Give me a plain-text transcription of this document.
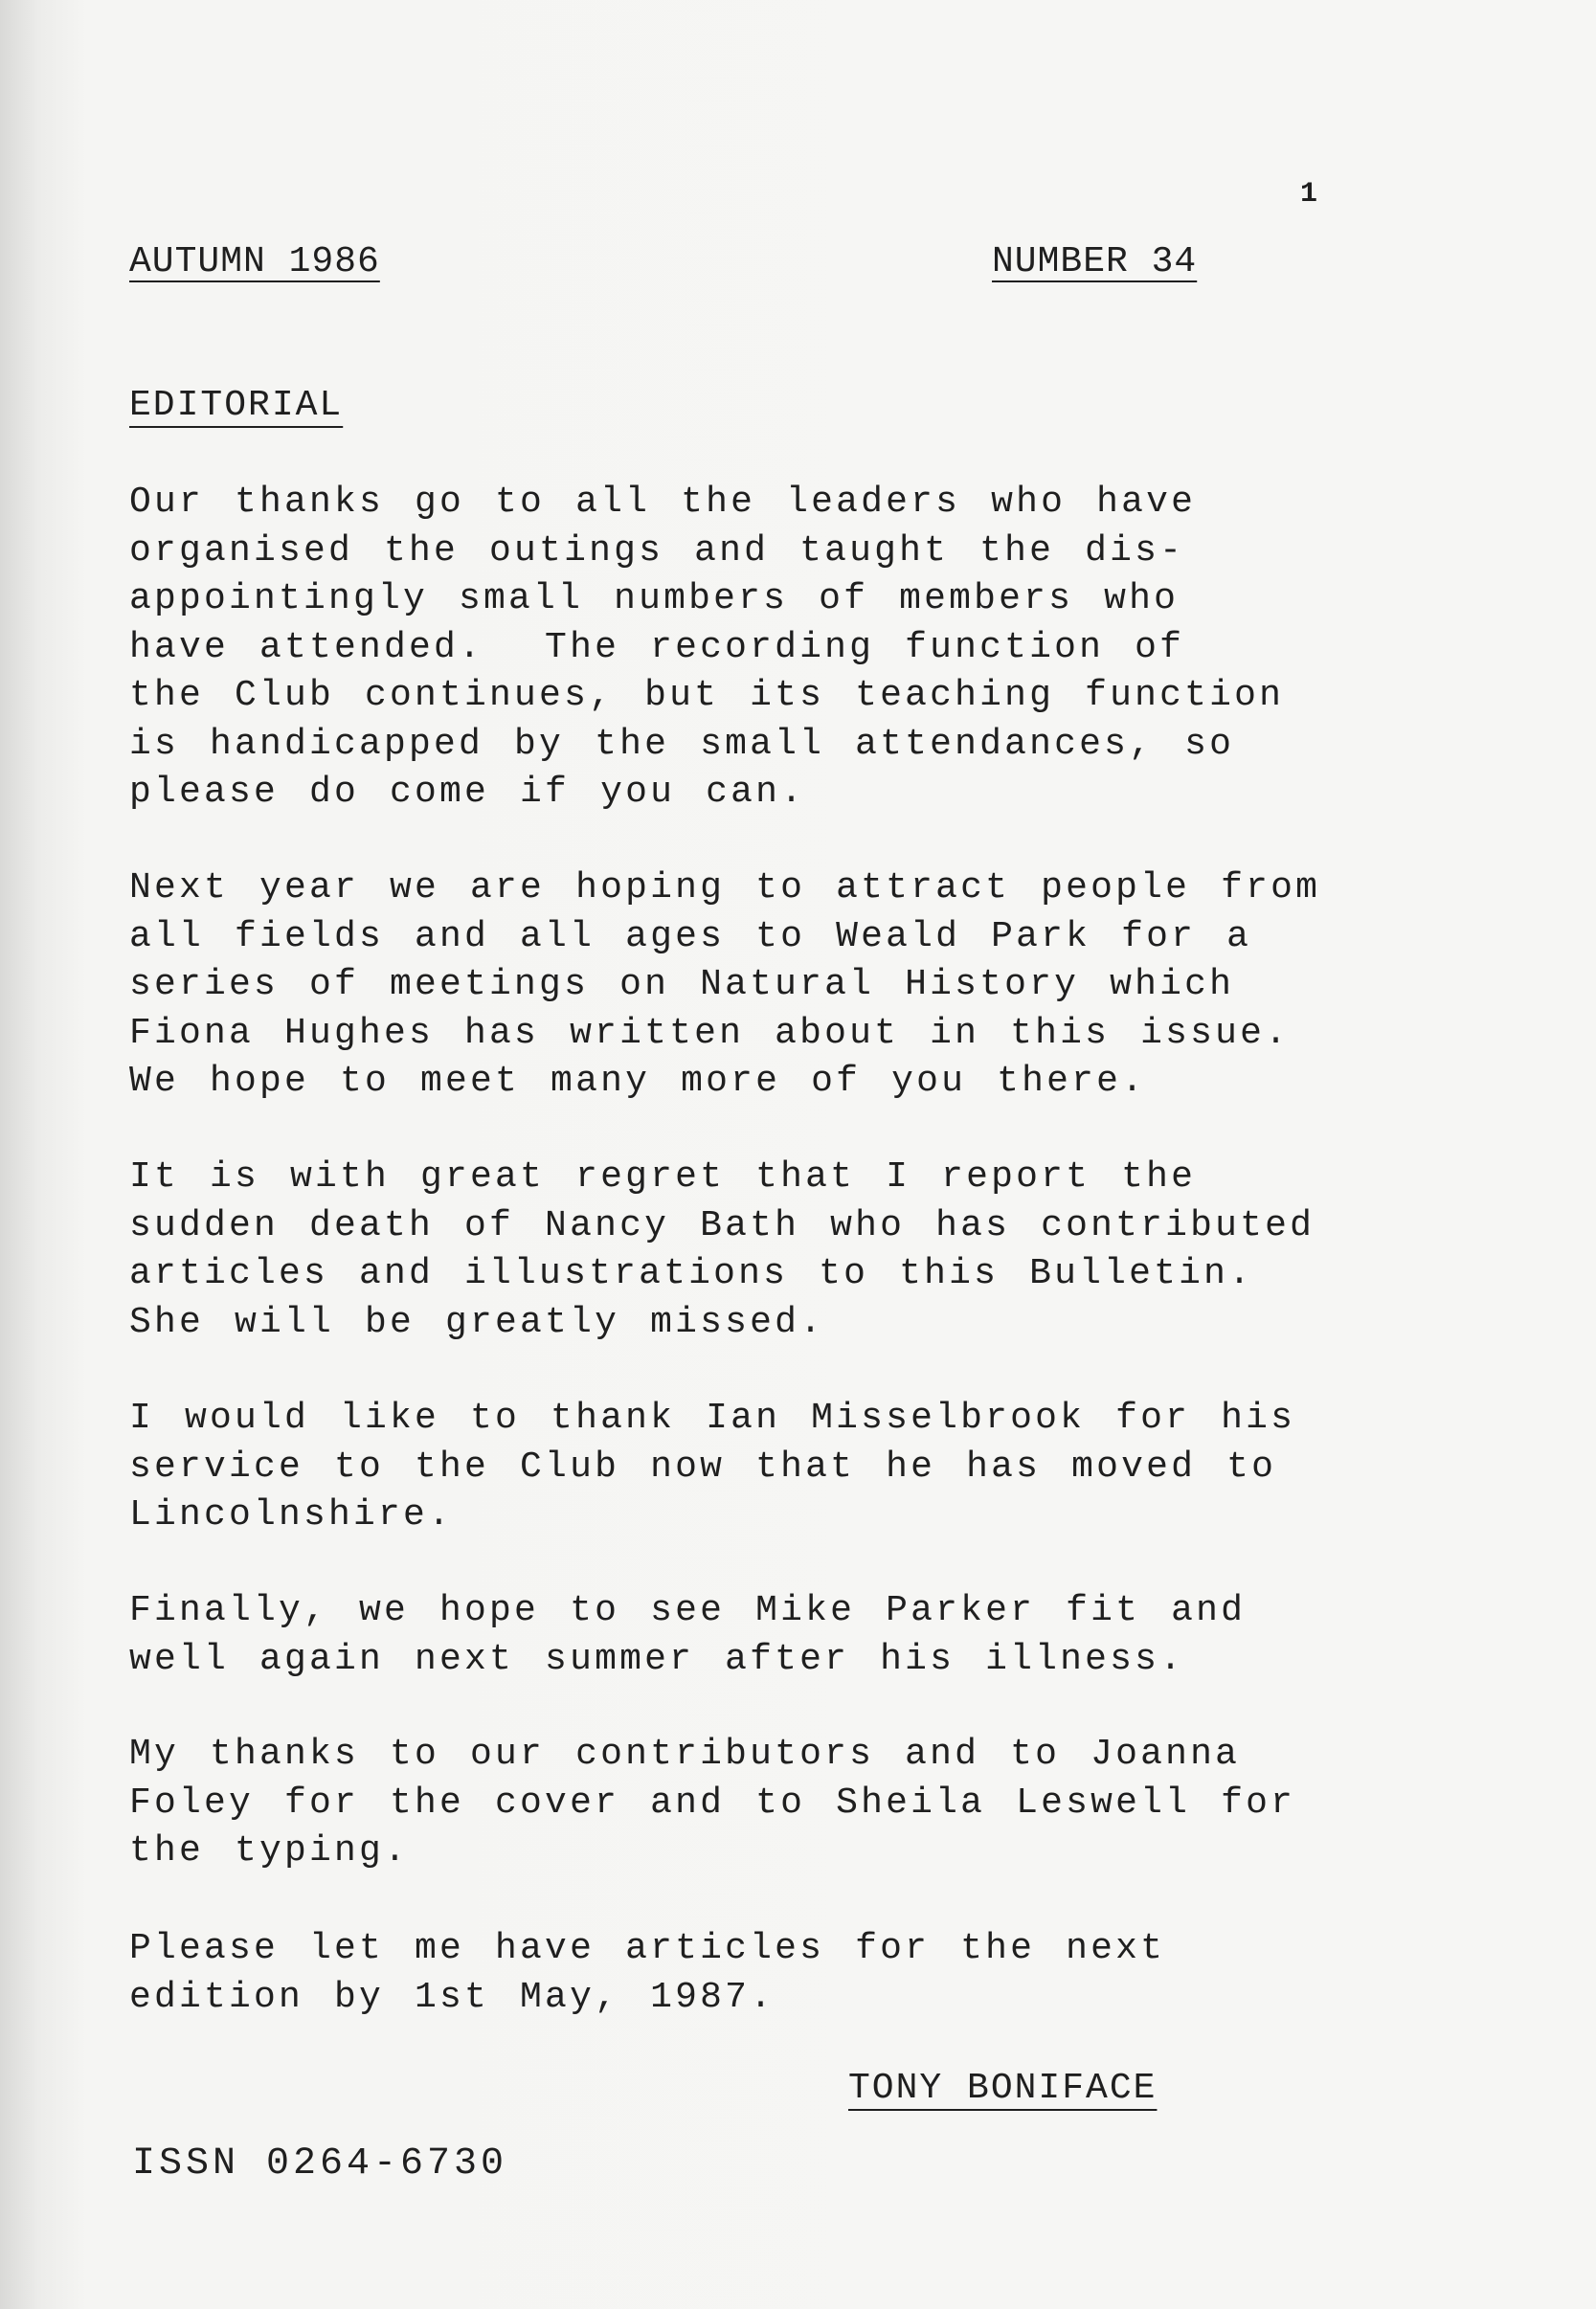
1
AUTUMN 1986	NUMBER 34
EDITORIAL
Our thanks go to all the leaders who have
organised the outings and taught the dis-
appointingly small numbers of members who
have attended.  The recording function of
the Club continues, but its teaching function
is handicapped by the small attendances, so
please do come if you can.
Next year we are hoping to attract people from
all fields and all ages to Weald Park for a
series of meetings on Natural History which
Fiona Hughes has written about in this issue.
We hope to meet many more of you there.
It is with great regret that I report the
sudden death of Nancy Bath who has contributed
articles and illustrations to this Bulletin.
She will be greatly missed.
I would like to thank Ian Misselbrook for his
service to the Club now that he has moved to
Lincolnshire.
Finally, we hope to see Mike Parker fit and
well again next summer after his illness.
My thanks to our contributors and to Joanna
Foley for the cover and to Sheila Leswell for
the typing.
Please let me have articles for the next
edition by 1st May, 1987.
TONY BONIFACE
ISSN 0264-6730
